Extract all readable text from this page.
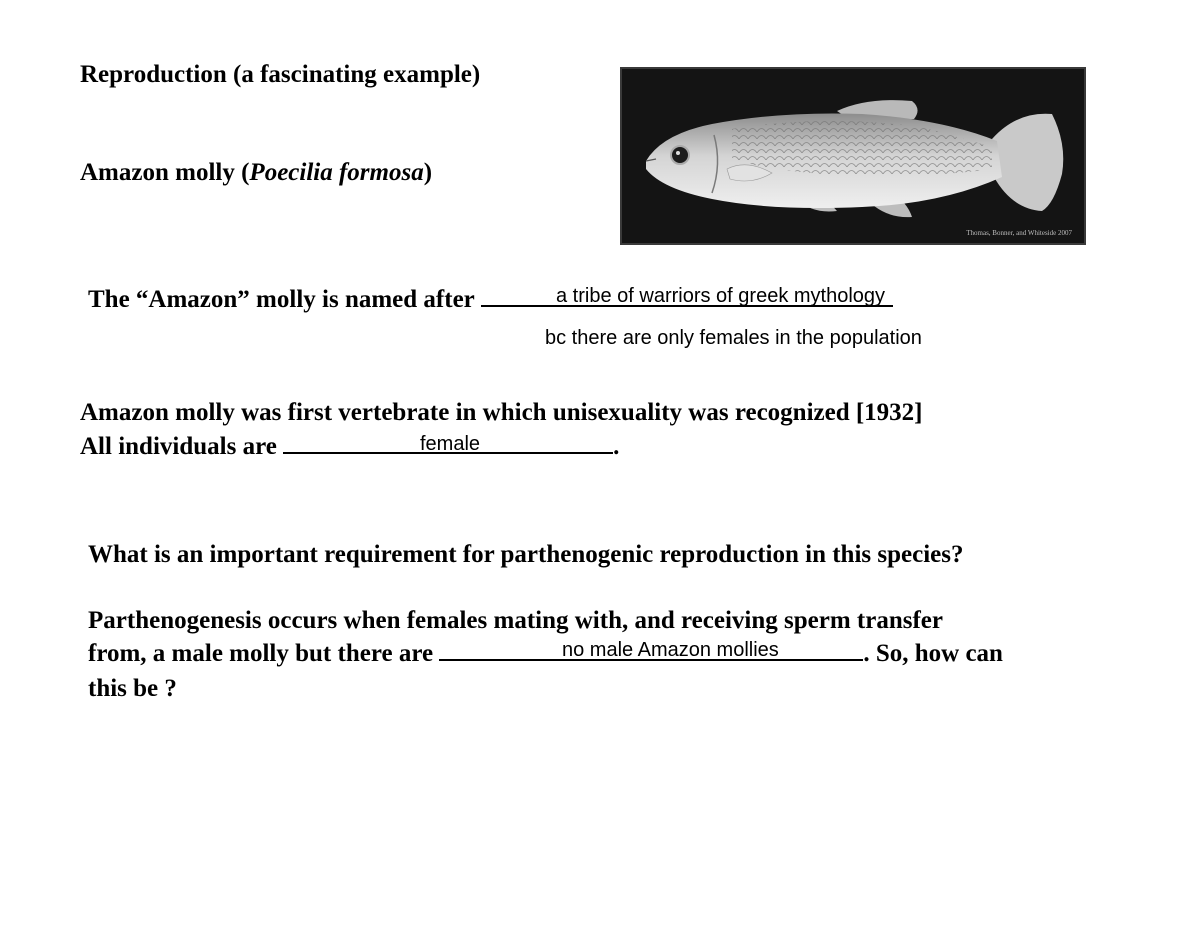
Reproduction (a fascinating example)
Amazon molly (Poecilia formosa)
Thomas, Bonner, and Whiteside 2007
The “Amazon” molly is named after	a tribe of warriors of greek mythology
bc there are only females in the population
Amazon molly was first vertebrate in which unisexuality was recognized [1932]
All individuals are	.
female
What is an important requirement for parthenogenic reproduction in this species?
Parthenogenesis occurs when females mating with, and receiving sperm transfer
from, a male molly but there are	. So, how can
no male Amazon mollies
this be ?
